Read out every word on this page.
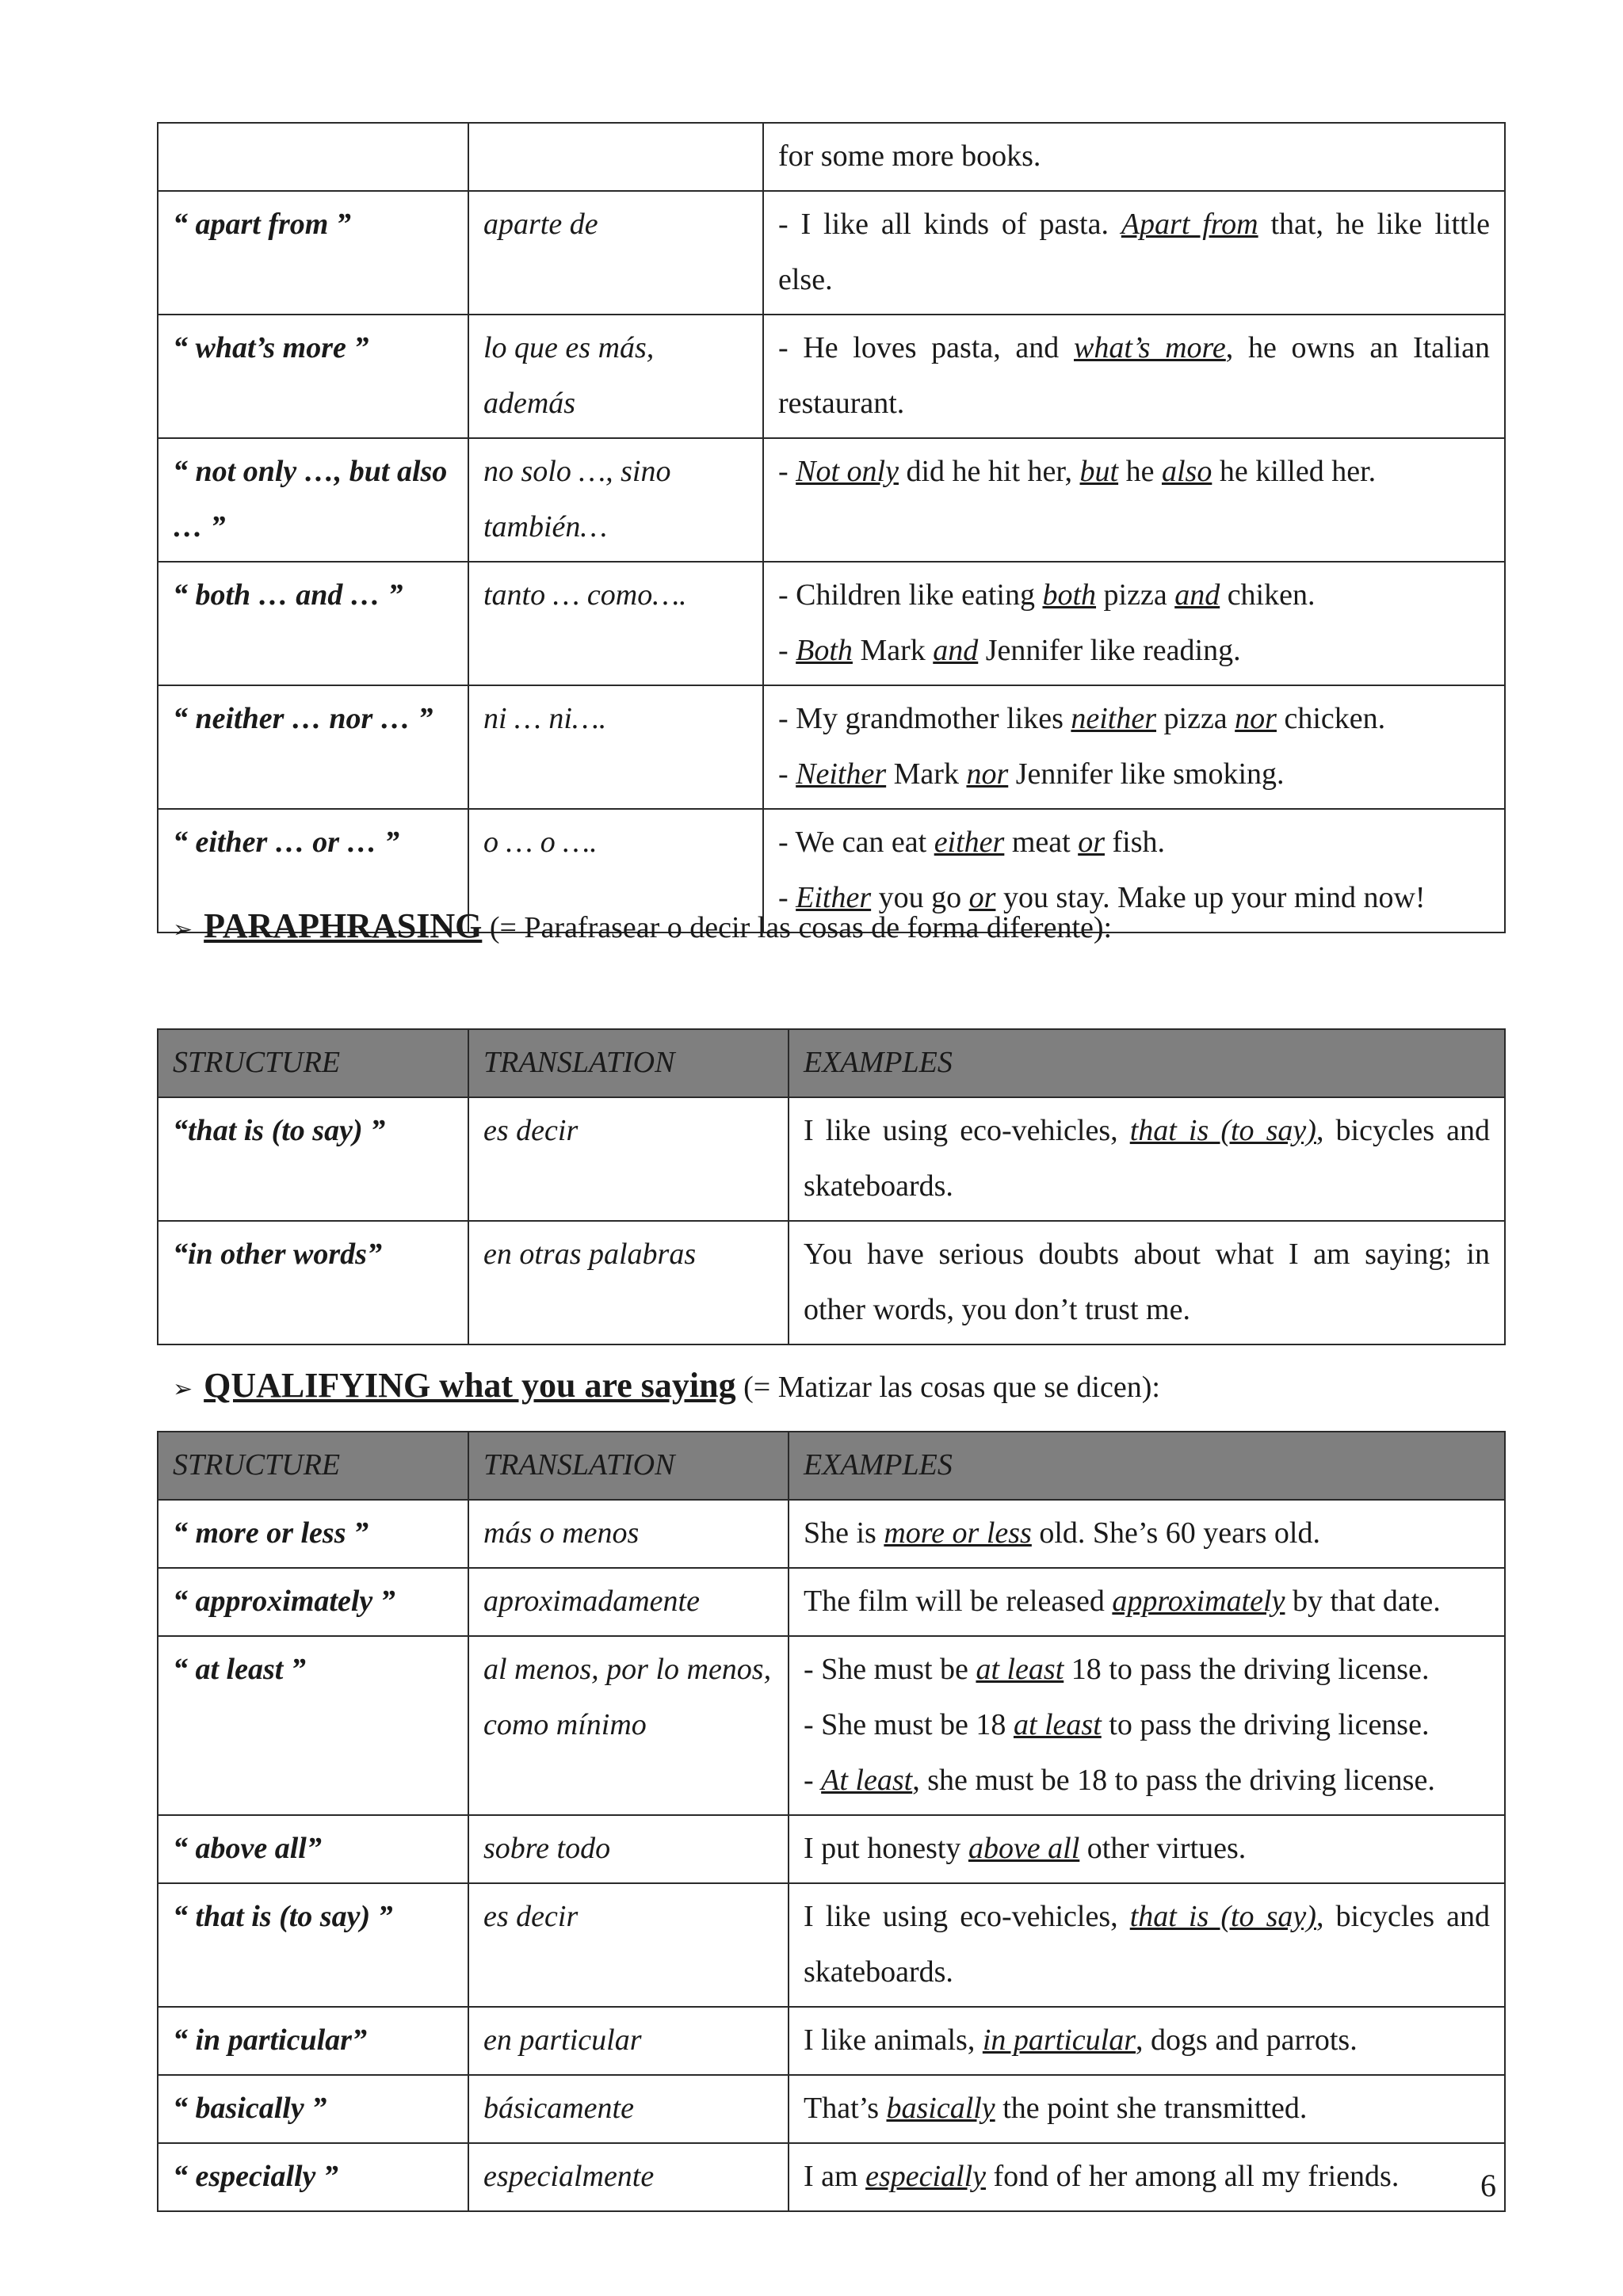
		for some more books.

“ apart from ”	aparte de	- I like all kinds of pasta. Apart from that, he like little else.

“ what’s more ”	lo que es más, además	- He loves pasta, and what’s more, he owns an Italian restaurant.

“ not only …, but also … ”	no solo …, sino también…	- Not only did he hit her, but he also he killed her.

“ both … and … ”	tanto … como….	- Children like eating both pizza and chiken.
- Both Mark and Jennifer like reading.

“ neither … nor … ”	ni … ni….	- My grandmother likes neither pizza nor chicken.
- Neither Mark nor Jennifer like smoking.

“ either … or … ”	o … o ….	- We can eat either meat or fish.
- Either you go or you stay. Make up your mind now!
➢ PARAPHRASING (= Parafrasear o decir las cosas de forma diferente):
STRUCTURE	TRANSLATION	EXAMPLES
“that is (to say) ”	es decir	I like using eco-vehicles, that is (to say), bicycles and skateboards.

“in other words”	en otras palabras	You have serious doubts about what I am saying; in other words, you don’t trust me.
➢ QUALIFYING what you are saying (= Matizar las cosas que se dicen):
STRUCTURE	TRANSLATION	EXAMPLES
“ more or less ”	más o menos	She is more or less old. She’s 60 years old.

“ approximately ”	aproximadamente	The film will be released approximately by that date.

“ at least ”	al menos, por lo menos, como mínimo	- She must be at least 18 to pass the driving license.
- She must be 18 at least to pass the driving license.
- At least, she must be 18 to pass the driving license.

“ above all”	sobre todo	I put honesty above all other virtues.

“ that is (to say) ”	es decir	I like using eco-vehicles, that is (to say), bicycles and skateboards.

“ in particular”	en particular	I like animals, in particular, dogs and parrots.

“ basically ”	básicamente	That’s basically the point she transmitted.

“ especially ”	especialmente	I am especially fond of her among all my friends.	6
